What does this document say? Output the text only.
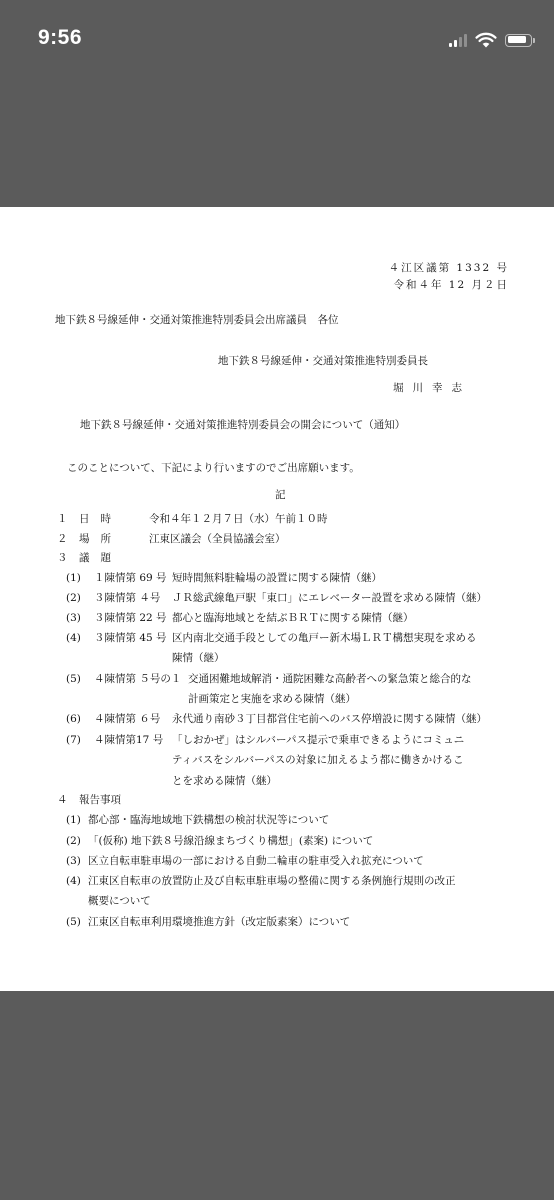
9:56
４江区議第 1332 号
令和４年 12 月２日
地下鉄８号線延伸・交通対策推進特別委員会出席議員　各位
地下鉄８号線延伸・交通対策推進特別委員長
堀川幸志
地下鉄８号線延伸・交通対策推進特別委員会の開会について（通知）
このことについて、下記により行いますのでご出席願います。
記
１ 日時	令和４年１２月７日（水）午前１０時
２ 場所	江東区議会（全員協議会室）
３ 議題
(1) １陳情第 69 号 短時間無料駐輪場の設置に関する陳情（継）
(2) ３陳情第 ４号 ＪＲ総武線亀戸駅「東口」にエレベーター設置を求める陳情（継）
(3) ３陳情第 22 号 都心と臨海地域とを結ぶＢＲＴに関する陳情（継）
(4) ３陳情第 45 号 区内南北交通手段としての亀戸ー新木場ＬＲＴ構想実現を求める
陳情（継）
(5) ４陳情第 ５号の１ 交通困難地域解消・通院困難な高齢者への緊急策と総合的な
計画策定と実施を求める陳情（継）
(6) ４陳情第 ６号 永代通り南砂３丁目都営住宅前へのバス停増設に関する陳情（継）
(7) ４陳情第17 号 「しおかぜ」はシルバーパス提示で乗車できるようにコミュニ
ティバスをシルバーパスの対象に加えるよう都に働きかけるこ
とを求める陳情（継）
４ 報告事項
(1) 都心部・臨海地域地下鉄構想の検討状況等について
(2) 「(仮称) 地下鉄８号線沿線まちづくり構想」(素案) について
(3) 区立自転車駐車場の一部における自動二輪車の駐車受入れ拡充について
(4) 江東区自転車の放置防止及び自転車駐車場の整備に関する条例施行規則の改正
概要について
(5) 江東区自転車利用環境推進方針（改定版素案）について
